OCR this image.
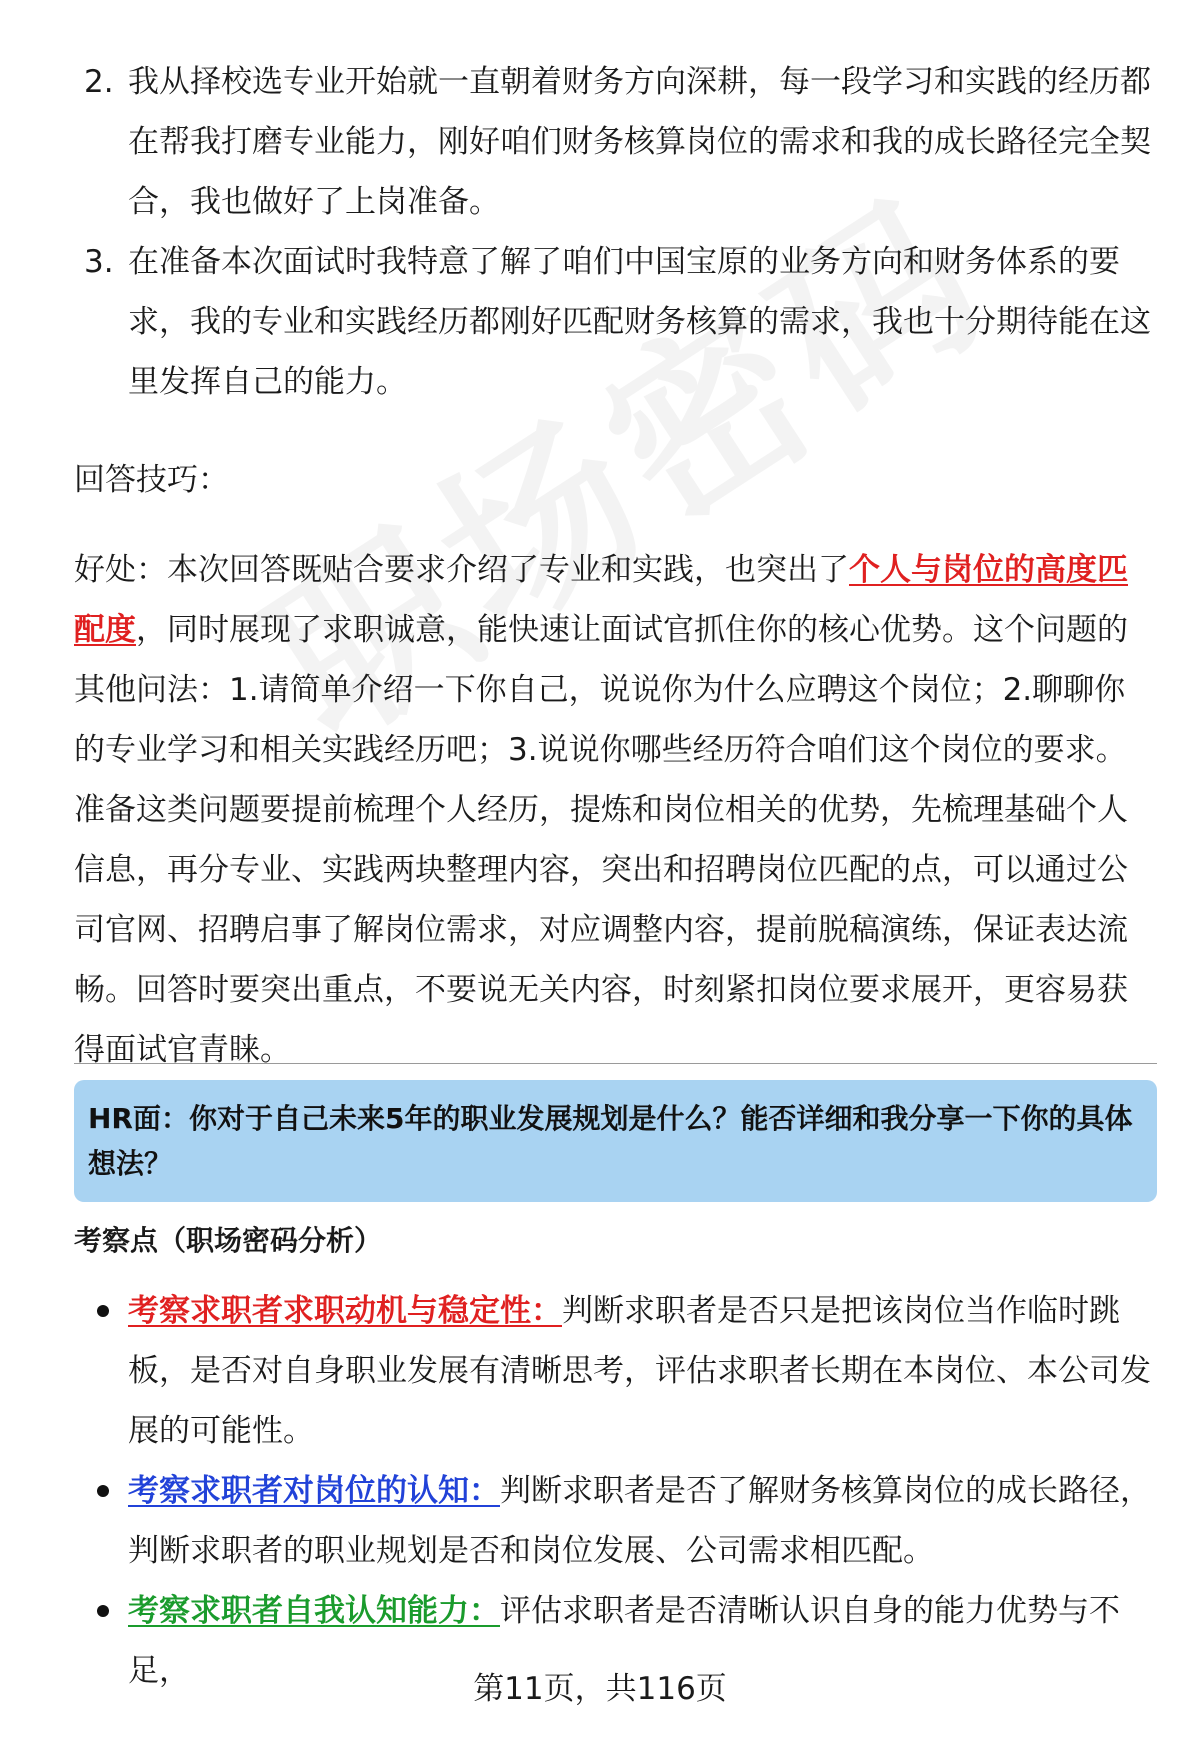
2. 我从择校选专业开始就一直朝着财务方向深耕，每一段学习和实践的经历都在帮我打磨专业能力，刚好咱们财务核算岗位的需求和我的成长路径完全契合，我也做好了上岗准备。
3. 在准备本次面试时我特意了解了咱们中国宝原的业务方向和财务体系的要求，我的专业和实践经历都刚好匹配财务核算的需求，我也十分期待能在这里发挥自己的能力。
回答技巧：
好处：本次回答既贴合要求介绍了专业和实践，也突出了个人与岗位的高度匹配度，同时展现了求职诚意，能快速让面试官抓住你的核心优势。这个问题的其他问法：1.请简单介绍一下你自己，说说你为什么应聘这个岗位；2.聊聊你的专业学习和相关实践经历吧；3.说说你哪些经历符合咱们这个岗位的要求。准备这类问题要提前梳理个人经历，提炼和岗位相关的优势，先梳理基础个人信息，再分专业、实践两块整理内容，突出和招聘岗位匹配的点，可以通过公司官网、招聘启事了解岗位需求，对应调整内容，提前脱稿演练，保证表达流畅。回答时要突出重点，不要说无关内容，时刻紧扣岗位要求展开，更容易获得面试官青睐。
HR面：你对于自己未来5年的职业发展规划是什么？能否详细和我分享一下你的具体想法？
考察点（职场密码分析）
考察求职者求职动机与稳定性：判断求职者是否只是把该岗位当作临时跳板，是否对自身职业发展有清晰思考，评估求职者长期在本岗位、本公司发展的可能性。
考察求职者对岗位的认知：判断求职者是否了解财务核算岗位的成长路径，判断求职者的职业规划是否和岗位发展、公司需求相匹配。
考察求职者自我认知能力：评估求职者是否清晰认识自身的能力优势与不足，	第11页，共116页
